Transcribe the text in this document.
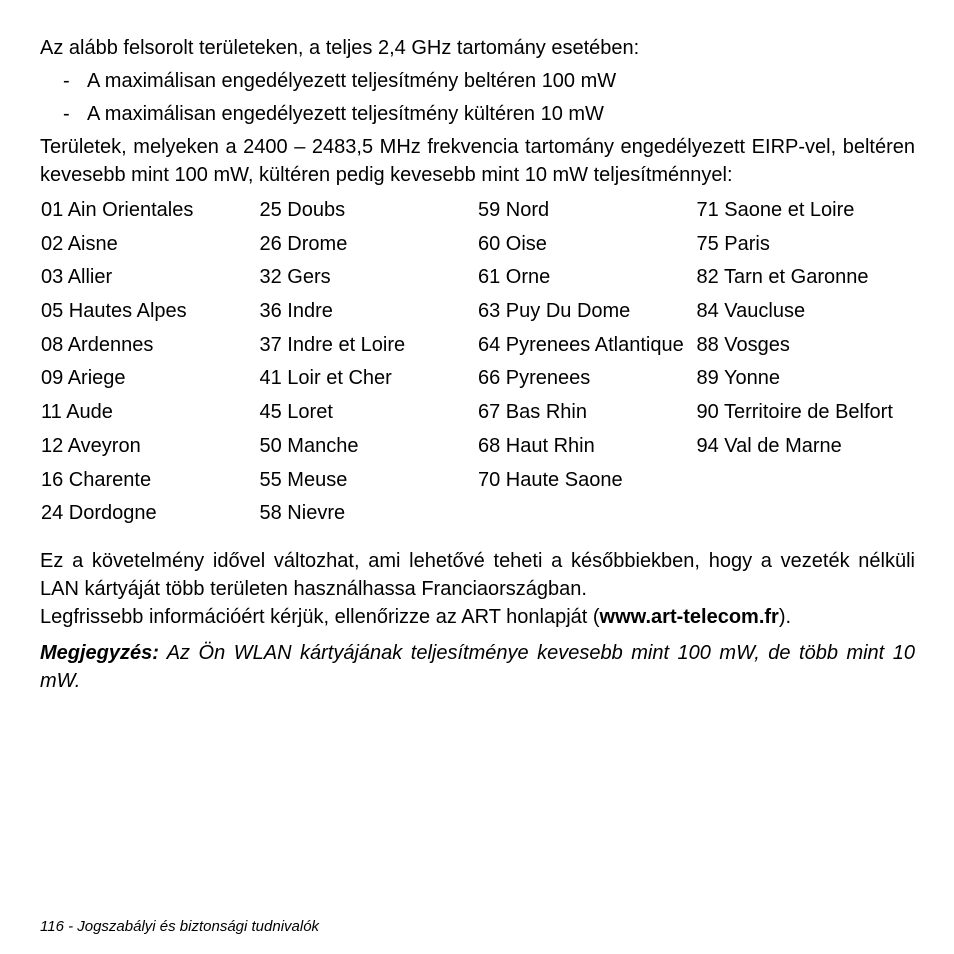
Az alább felsorolt területeken, a teljes 2,4 GHz tartomány esetében:

- A maximálisan engedélyezett teljesítmény beltéren 100 mW
- A maximálisan engedélyezett teljesítmény kültéren 10 mW

Területek, melyeken a 2400 – 2483,5 MHz frekvencia tartomány engedélyezett EIRP-vel, beltéren kevesebb mint 100 mW, kültéren pedig kevesebb mint 10 mW teljesítménnyel:

01 Ain Orientales
02 Aisne
03 Allier
05 Hautes Alpes
08 Ardennes
09 Ariege
11 Aude
12 Aveyron
16 Charente
24 Dordogne
25 Doubs
26 Drome
32 Gers
36 Indre
37 Indre et Loire
41 Loir et Cher
45 Loret
50 Manche
55 Meuse
58 Nievre
59 Nord
60 Oise
61 Orne
63 Puy Du Dome
64 Pyrenees Atlantique
66 Pyrenees
67 Bas Rhin
68 Haut Rhin
70 Haute Saone
71 Saone et Loire
75 Paris
82 Tarn et Garonne
84 Vaucluse
88 Vosges
89 Yonne
90 Territoire de Belfort
94 Val de Marne

Ez a követelmény idővel változhat, ami lehetővé teheti a későbbiekben, hogy a vezeték nélküli LAN kártyáját több területen használhassa Franciaországban.

Legfrissebb információért kérjük, ellenőrizze az ART honlapját (www.art-telecom.fr).

Megjegyzés: Az Ön WLAN kártyájának teljesítménye kevesebb mint 100 mW, de több mint 10 mW.

116 - Jogszabályi és biztonsági tudnivalók
